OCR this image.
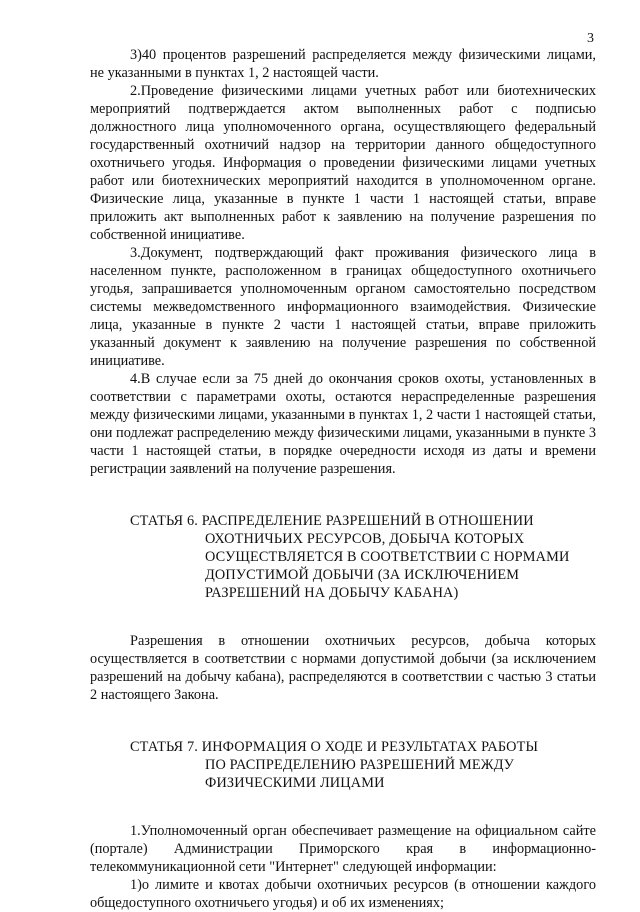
3

3)40 процентов разрешений распределяется между физическими лицами, не указанными в пунктах 1, 2 настоящей части.

2.Проведение физическими лицами учетных работ или биотехнических мероприятий подтверждается актом выполненных работ с подписью должностного лица уполномоченного органа, осуществляющего федеральный государственный охотничий надзор на территории данного общедоступного охотничьего угодья. Информация о проведении физическими лицами учетных работ или биотехнических мероприятий находится в уполномоченном органе. Физические лица, указанные в пункте 1 части 1 настоящей статьи, вправе приложить акт выполненных работ к заявлению на получение разрешения по собственной инициативе.

3.Документ, подтверждающий факт проживания физического лица в населенном пункте, расположенном в границах общедоступного охотничьего угодья, запрашивается уполномоченным органом самостоятельно посредством системы межведомственного информационного взаимодействия. Физические лица, указанные в пункте 2 части 1 настоящей статьи, вправе приложить указанный документ к заявлению на получение разрешения по собственной инициативе.

4.В случае если за 75 дней до окончания сроков охоты, установленных в соответствии с параметрами охоты, остаются нераспределенные разрешения между физическими лицами, указанными в пунктах 1, 2 части 1 настоящей статьи, они подлежат распределению между физическими лицами, указанными в пункте 3 части 1 настоящей статьи, в порядке очередности исходя из даты и времени регистрации заявлений на получение разрешения.

СТАТЬЯ 6. РАСПРЕДЕЛЕНИЕ РАЗРЕШЕНИЙ В ОТНОШЕНИИ
ОХОТНИЧЬИХ РЕСУРСОВ, ДОБЫЧА КОТОРЫХ
ОСУЩЕСТВЛЯЕТСЯ В СООТВЕТСТВИИ С НОРМАМИ
ДОПУСТИМОЙ ДОБЫЧИ (ЗА ИСКЛЮЧЕНИЕМ
РАЗРЕШЕНИЙ НА ДОБЫЧУ КАБАНА)

Разрешения в отношении охотничьих ресурсов, добыча которых осуществляется в соответствии с нормами допустимой добычи (за исключением разрешений на добычу кабана), распределяются в соответствии с частью 3 статьи 2 настоящего Закона.

СТАТЬЯ 7. ИНФОРМАЦИЯ О ХОДЕ И РЕЗУЛЬТАТАХ РАБОТЫ
ПО РАСПРЕДЕЛЕНИЮ РАЗРЕШЕНИЙ МЕЖДУ
ФИЗИЧЕСКИМИ ЛИЦАМИ

1.Уполномоченный орган обеспечивает размещение на официальном сайте (портале) Администрации Приморского края в информационно-телекоммуникационной сети "Интернет" следующей информации:

1)о лимите и квотах добычи охотничьих ресурсов (в отношении каждого общедоступного охотничьего угодья) и об их изменениях;
